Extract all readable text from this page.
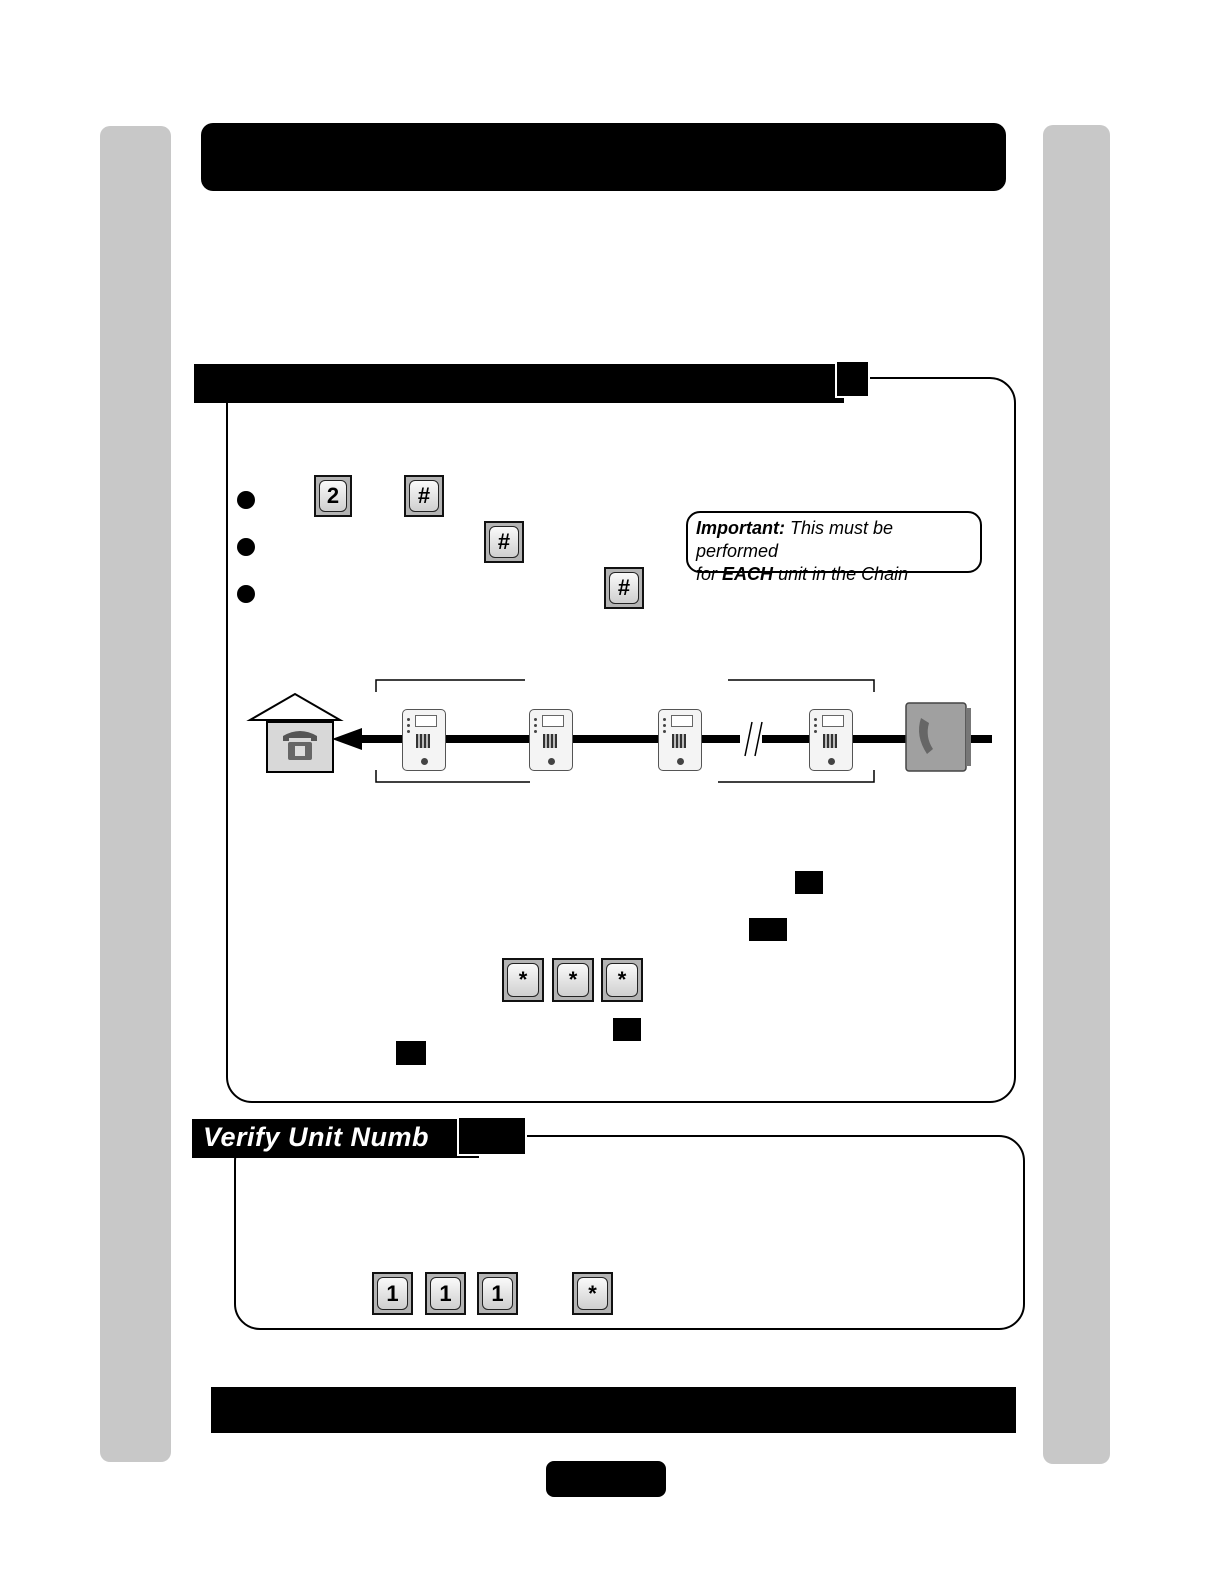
2	#
#
#
Important: This must be performed
for EACH unit in the Chain
*	*	*
Verify Unit Numb
1	1	1	*
